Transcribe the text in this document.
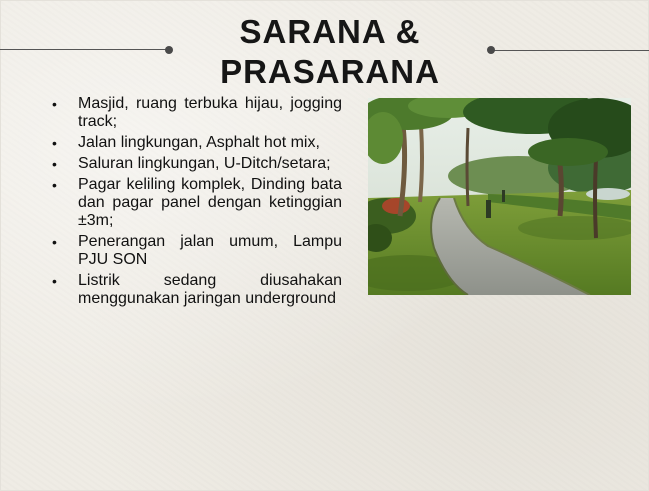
SARANA &
PRASARANA
• Masjid, ruang terbuka hijau, jogging track;
• Jalan lingkungan, Asphalt hot mix,
• Saluran lingkungan, U-Ditch/setara;
• Pagar keliling komplek, Dinding bata dan pagar panel dengan ketinggian ±3m;
• Penerangan jalan umum, Lampu PJU SON
• Listrik sedang diusahakan menggunakan jaringan underground
